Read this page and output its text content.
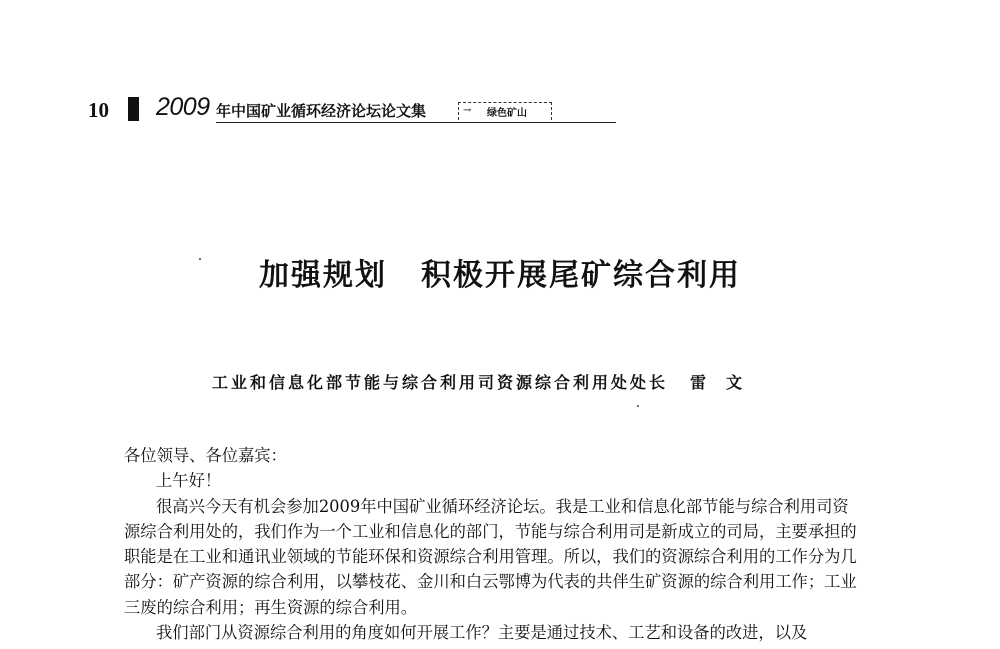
10 2009 年中国矿业循环经济论坛论文集	→ 绿色矿山
加强规划 积极开展尾矿综合利用
工业和信息化部节能与综合利用司资源综合利用处处长 雷文

各位领导、各位嘉宾：

上午好！

很高兴今天有机会参加2009年中国矿业循环经济论坛。我是工业和信息化部节能与综合利用司资源综合利用处的，我们作为一个工业和信息化的部门，节能与综合利用司是新成立的司局，主要承担的职能是在工业和通讯业领域的节能环保和资源综合利用管理。所以，我们的资源综合利用的工作分为几部分：矿产资源的综合利用，以攀枝花、金川和白云鄂博为代表的共伴生矿资源的综合利用工作；工业三废的综合利用；再生资源的综合利用。

我们部门从资源综合利用的角度如何开展工作？主要是通过技术、工艺和设备的改进，以及
